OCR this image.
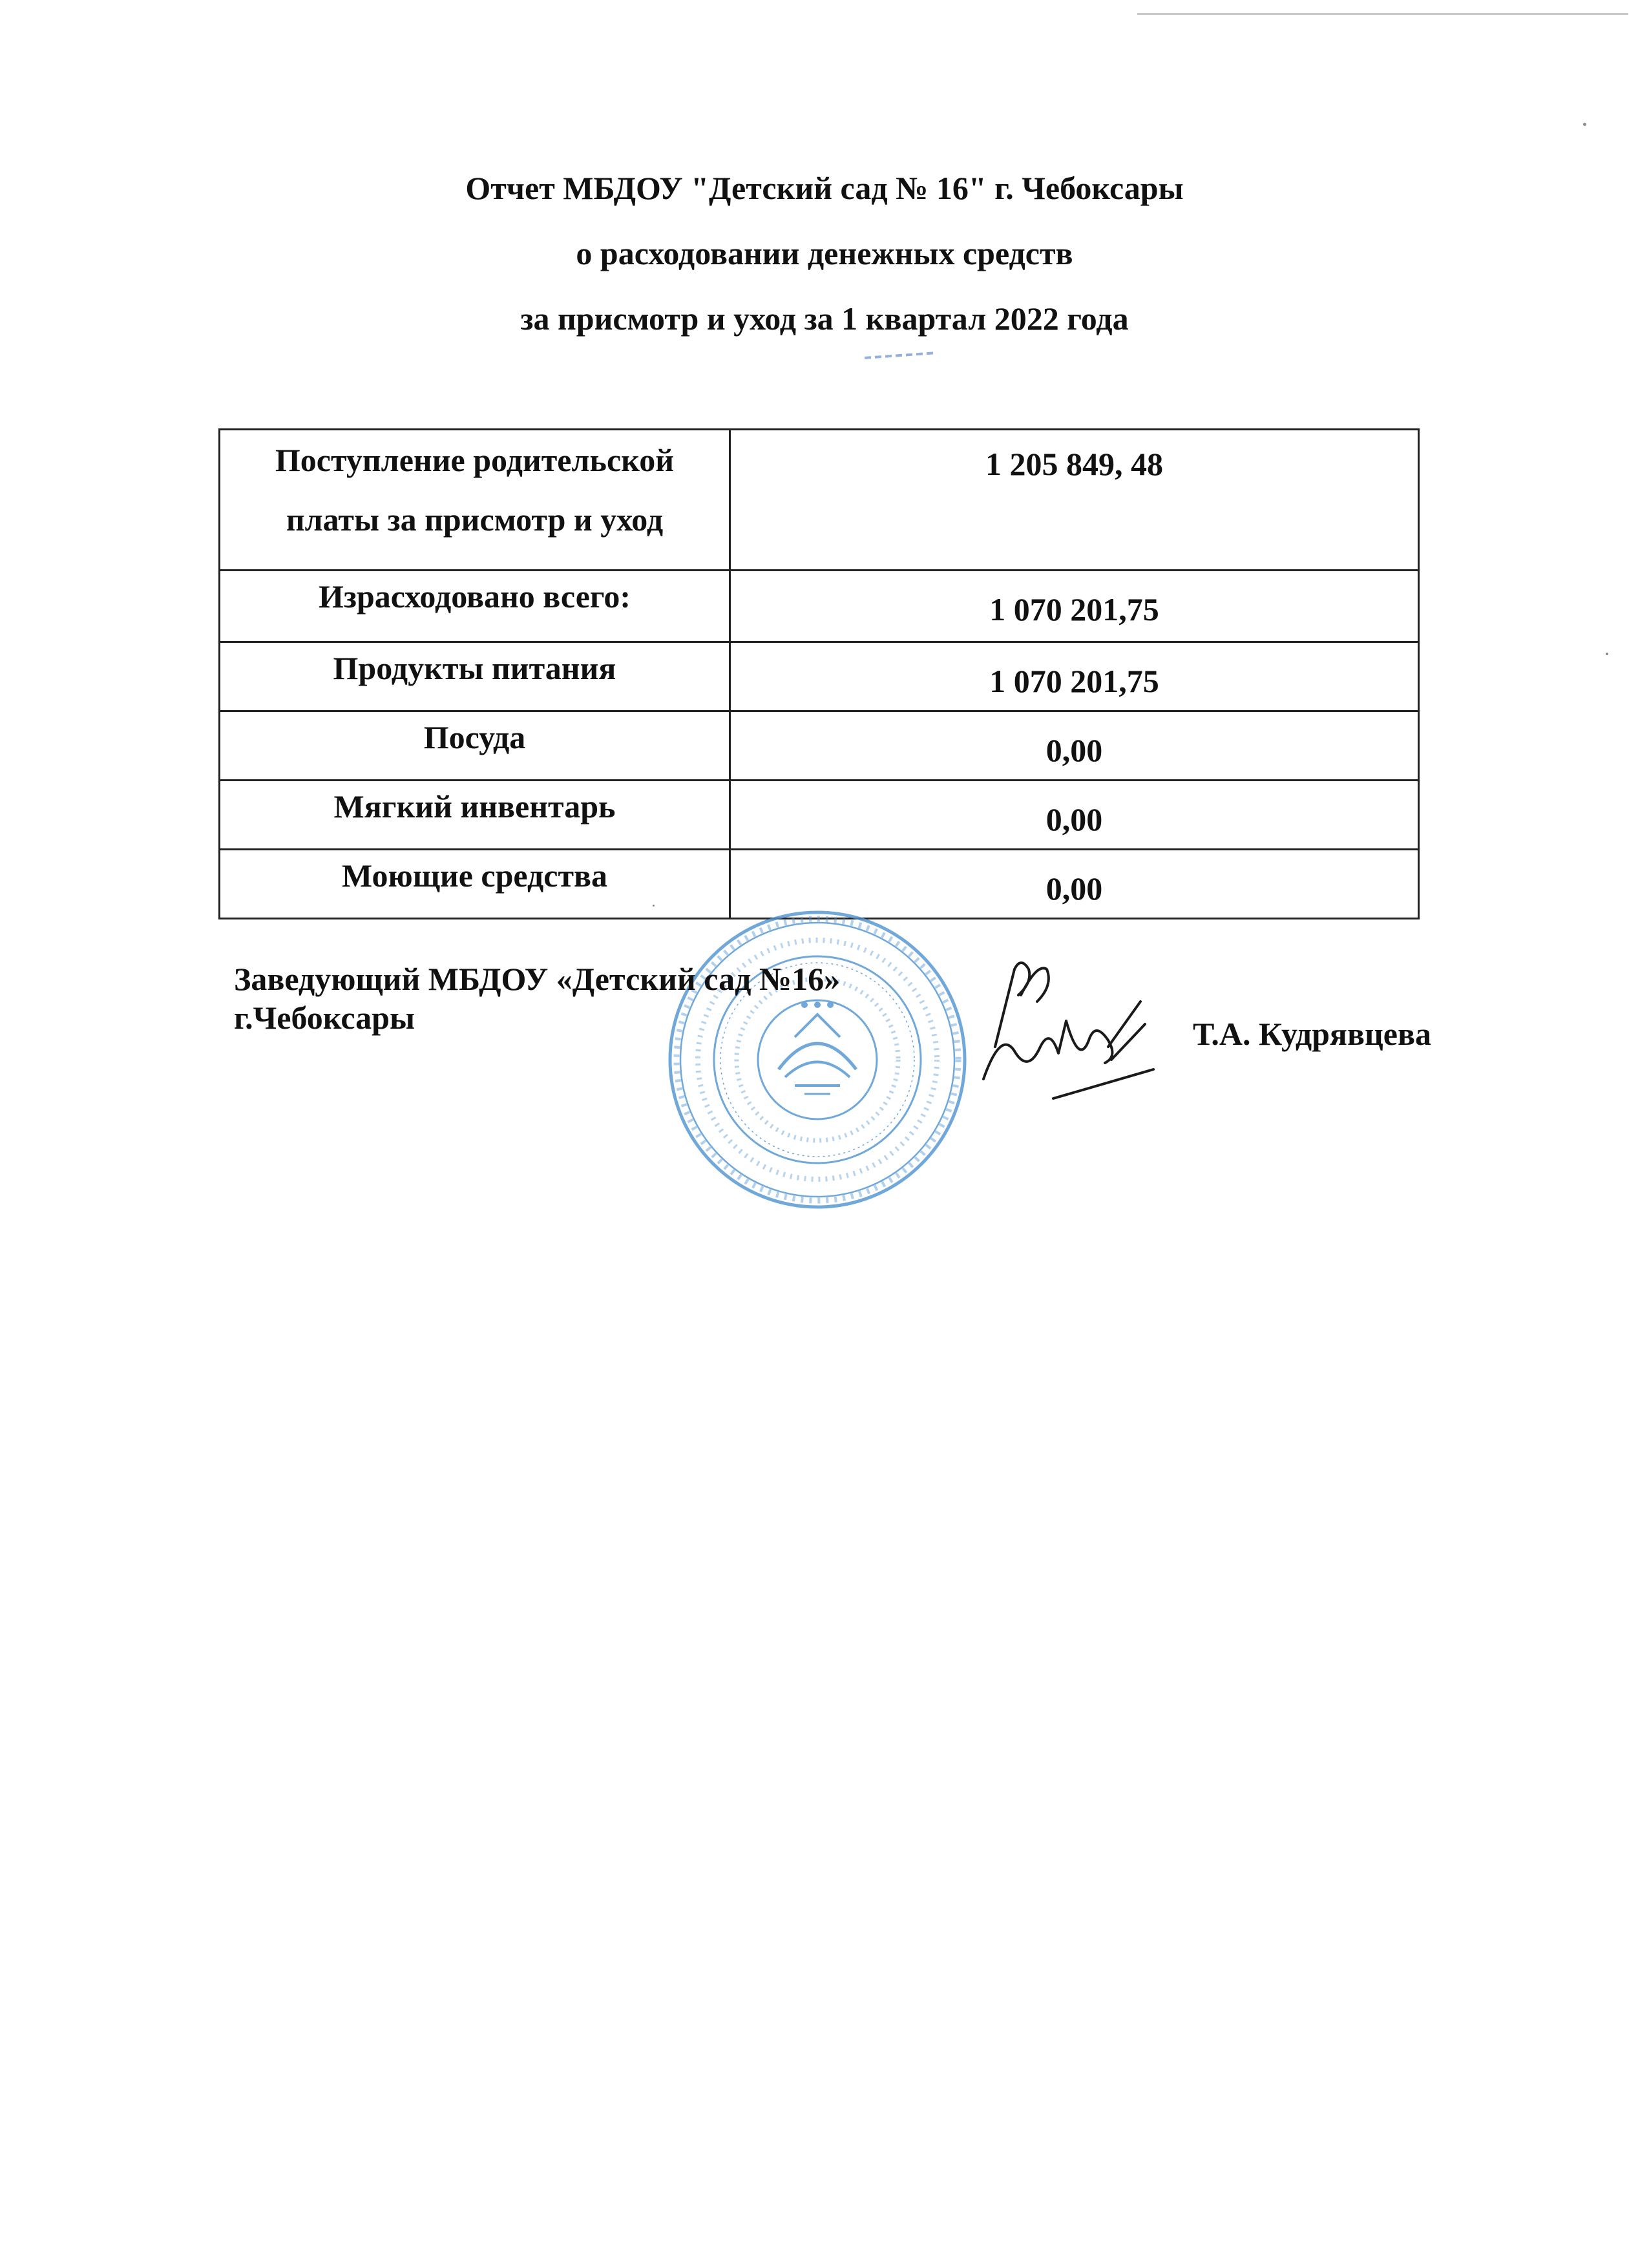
Отчет МБДОУ "Детский сад № 16" г. Чебоксары
о расходовании денежных средств
за присмотр и уход за 1 квартал 2022 года
Поступление родительской
платы за присмотр и уход	1 205 849, 48
Израсходовано всего:	1 070 201,75
Продукты питания	1 070 201,75
Посуда	0,00
Мягкий инвентарь	0,00
Моющие средства	0,00
Заведующий МБДОУ «Детский сад №16»
г.Чебоксары	Т.А. Кудрявцева
